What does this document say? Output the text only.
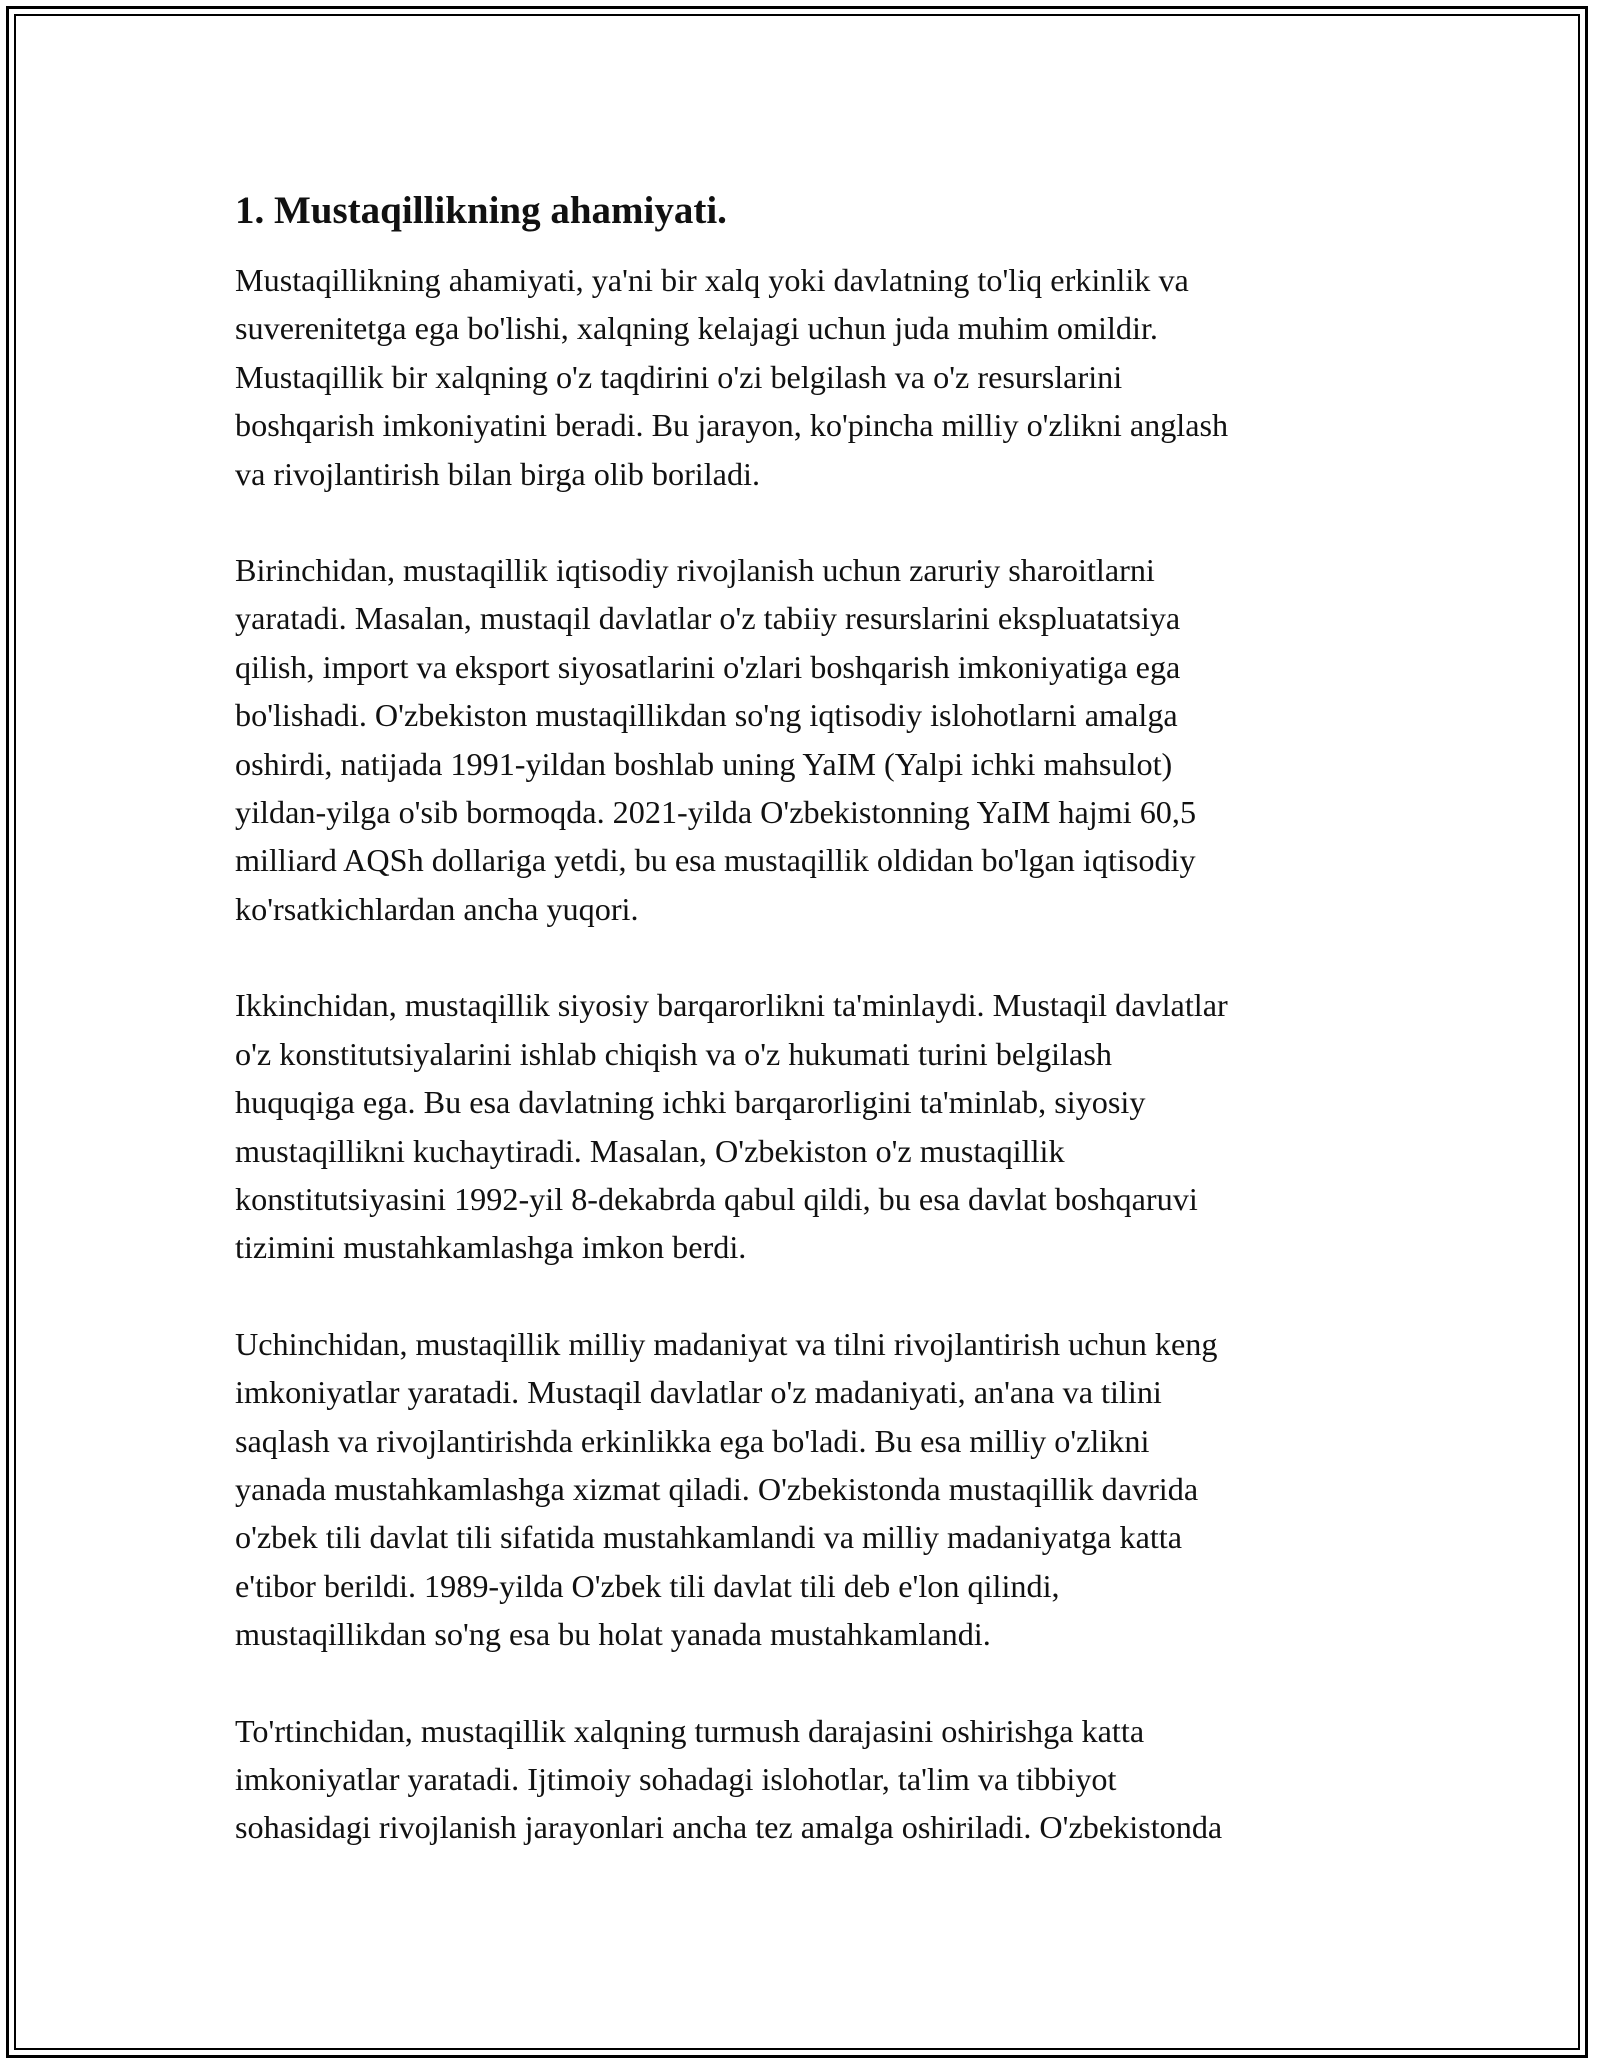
1. Mustaqillikning ahamiyati.
Mustaqillikning ahamiyati, ya'ni bir xalq yoki davlatning to'liq erkinlik va
suverenitetga ega bo'lishi, xalqning kelajagi uchun juda muhim omildir.
Mustaqillik bir xalqning o'z taqdirini o'zi belgilash va o'z resurslarini
boshqarish imkoniyatini beradi. Bu jarayon, ko'pincha milliy o'zlikni anglash
va rivojlantirish bilan birga olib boriladi.
Birinchidan, mustaqillik iqtisodiy rivojlanish uchun zaruriy sharoitlarni
yaratadi. Masalan, mustaqil davlatlar o'z tabiiy resurslarini ekspluatatsiya
qilish, import va eksport siyosatlarini o'zlari boshqarish imkoniyatiga ega
bo'lishadi. O'zbekiston mustaqillikdan so'ng iqtisodiy islohotlarni amalga
oshirdi, natijada 1991-yildan boshlab uning YaIM (Yalpi ichki mahsulot)
yildan-yilga o'sib bormoqda. 2021-yilda O'zbekistonning YaIM hajmi 60,5
milliard AQSh dollariga yetdi, bu esa mustaqillik oldidan bo'lgan iqtisodiy
ko'rsatkichlardan ancha yuqori.
Ikkinchidan, mustaqillik siyosiy barqarorlikni ta'minlaydi. Mustaqil davlatlar
o'z konstitutsiyalarini ishlab chiqish va o'z hukumati turini belgilash
huquqiga ega. Bu esa davlatning ichki barqarorligini ta'minlab, siyosiy
mustaqillikni kuchaytiradi. Masalan, O'zbekiston o'z mustaqillik
konstitutsiyasini 1992-yil 8-dekabrda qabul qildi, bu esa davlat boshqaruvi
tizimini mustahkamlashga imkon berdi.
Uchinchidan, mustaqillik milliy madaniyat va tilni rivojlantirish uchun keng
imkoniyatlar yaratadi. Mustaqil davlatlar o'z madaniyati, an'ana va tilini
saqlash va rivojlantirishda erkinlikka ega bo'ladi. Bu esa milliy o'zlikni
yanada mustahkamlashga xizmat qiladi. O'zbekistonda mustaqillik davrida
o'zbek tili davlat tili sifatida mustahkamlandi va milliy madaniyatga katta
e'tibor berildi. 1989-yilda O'zbek tili davlat tili deb e'lon qilindi,
mustaqillikdan so'ng esa bu holat yanada mustahkamlandi.
To'rtinchidan, mustaqillik xalqning turmush darajasini oshirishga katta
imkoniyatlar yaratadi. Ijtimoiy sohadagi islohotlar, ta'lim va tibbiyot
sohasidagi rivojlanish jarayonlari ancha tez amalga oshiriladi. O'zbekistonda
